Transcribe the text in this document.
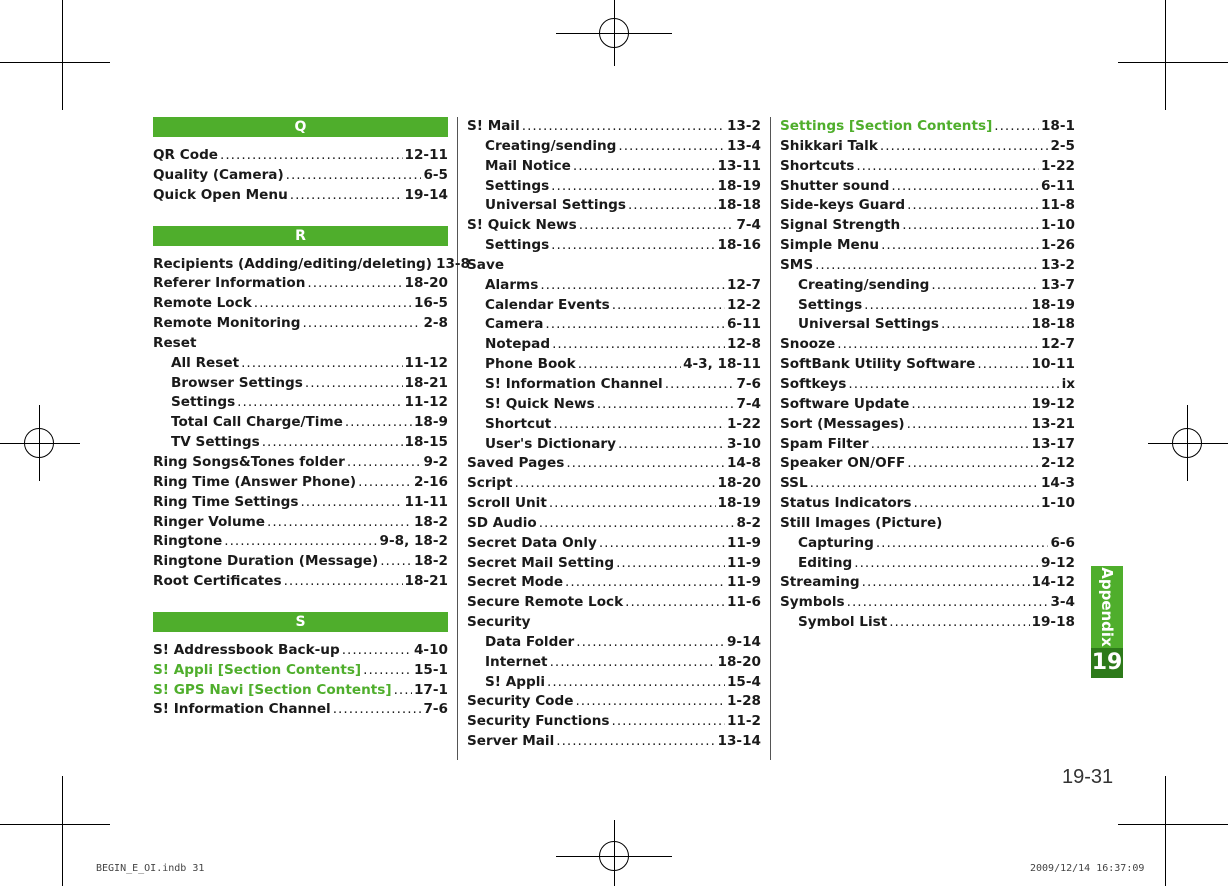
Q
QR Code .....	12-11
Quality (Camera) .....	6-5
Quick Open Menu .....	19-14
R
Recipients (Adding/editing/deleting) 13-8
Referer Information .....	18-20
Remote Lock .....	16-5
Remote Monitoring .....	2-8
Reset
All Reset .....	11-12
Browser Settings .....	18-21
Settings .....	11-12
Total Call Charge/Time .....	18-9
TV Settings .....	18-15
Ring Songs&Tones folder .....	9-2
Ring Time (Answer Phone) .....	2-16
Ring Time Settings .....	11-11
Ringer Volume .....	18-2
Ringtone .....	9-8, 18-2
Ringtone Duration (Message) .....	18-2
Root Certificates .....	18-21
S
S! Addressbook Back-up .....	4-10
S! Appli [Section Contents] .....	15-1
S! GPS Navi [Section Contents] ..... 17-1
S! Information Channel .....	7-6
S! Mail .....	13-2
Creating/sending .....	13-4
Mail Notice .....	13-11
Settings .....	18-19
Universal Settings .....	18-18
S! Quick News .....	7-4
Settings .....	18-16
Save
Alarms .....	12-7
Calendar Events .....	12-2
Camera .....	6-11
Notepad .....	12-8
Phone Book .....	4-3, 18-11
S! Information Channel .....	7-6
S! Quick News .....	7-4
Shortcut .....	1-22
User's Dictionary .....	3-10
Saved Pages .....	14-8
Script .....	18-20
Scroll Unit .....	18-19
SD Audio .....	8-2
Secret Data Only .....	11-9
Secret Mail Setting .....	11-9
Secret Mode .....	11-9
Secure Remote Lock .....	11-6
Security
Data Folder .....	9-14
Internet .....	18-20
S! Appli .....	15-4
Security Code .....	1-28
Security Functions .....	11-2
Server Mail .....	13-14
Settings [Section Contents] .....	18-1
Shikkari Talk .....	2-5
Shortcuts .....	1-22
Shutter sound .....	6-11
Side-keys Guard .....	11-8
Signal Strength .....	1-10
Simple Menu .....	1-26
SMS .....	13-2
Creating/sending .....	13-7
Settings .....	18-19
Universal Settings .....	18-18
Snooze .....	12-7
SoftBank Utility Software .....	10-11
Softkeys .....	ix
Software Update .....	19-12
Sort (Messages) .....	13-21
Spam Filter .....	13-17
Speaker ON/OFF .....	2-12
SSL .....	14-3
Status Indicators .....	1-10
Still Images (Picture)
Capturing .....	6-6
Editing .....	9-12
Streaming .....	14-12
Symbols .....	3-4
Symbol List .....	19-18 Appendix
19
19-31
BEGIN_E_OI.indb 31	2009/12/14 16:37:09
